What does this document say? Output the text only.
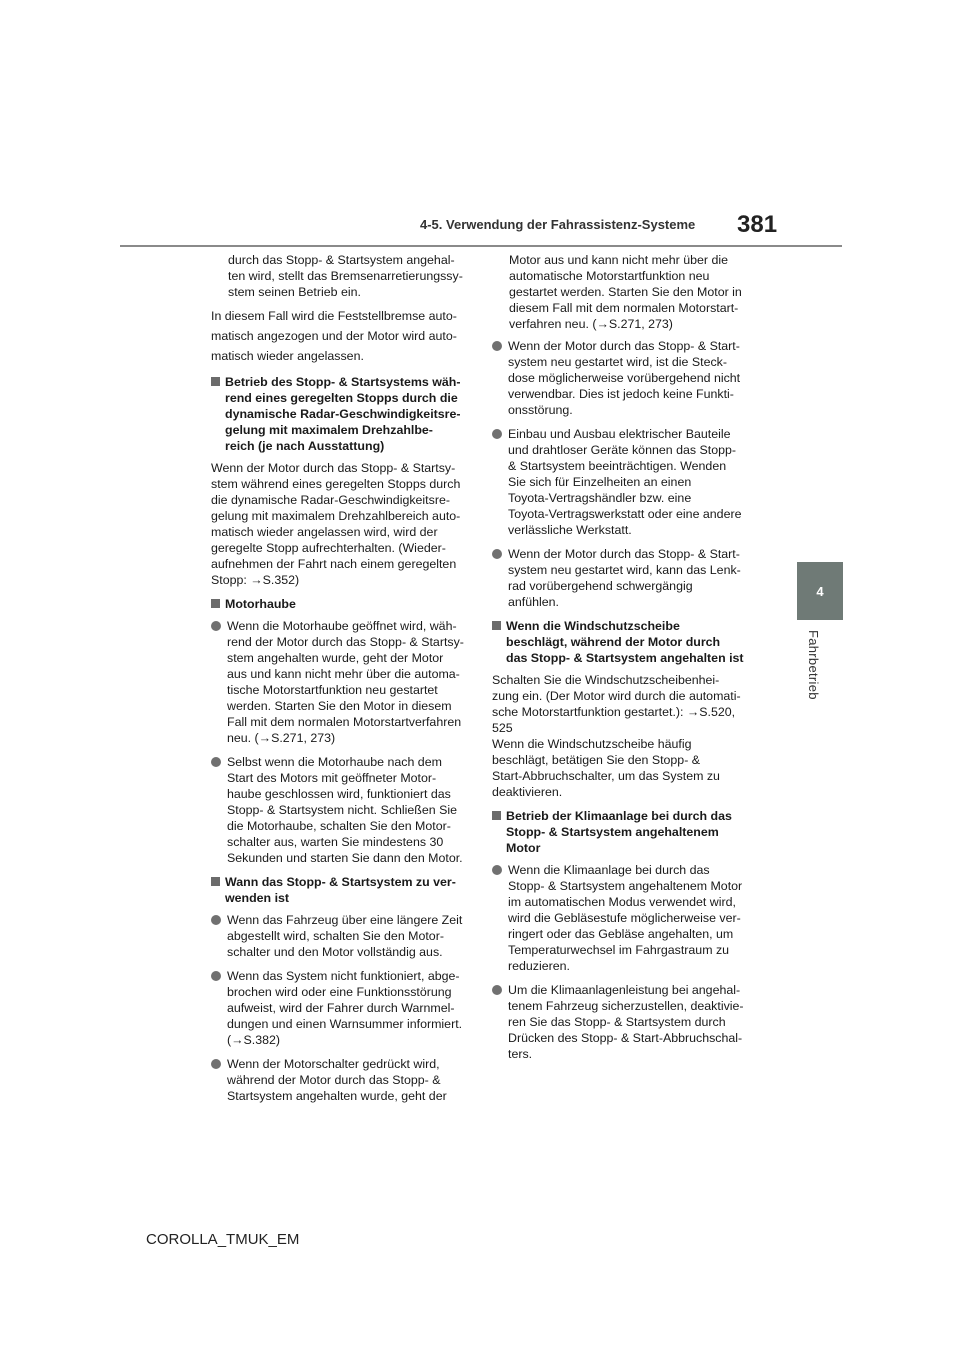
4-5. Verwendung der Fahrassistenz-Systeme 381
4
Fahrbetrieb

durch das Stopp- & Startsystem angehal-
ten wird, stellt das Bremsenarretierungssy-
stem seinen Betrieb ein.

In diesem Fall wird die Feststellbremse auto-
matisch angezogen und der Motor wird auto-
matisch wieder angelassen.

Betrieb des Stopp- & Startsystems wäh-
rend eines geregelten Stopps durch die
dynamische Radar-Geschwindigkeitsre-
gelung mit maximalem Drehzahlbe-
reich (je nach Ausstattung)

Wenn der Motor durch das Stopp- & Startsy-
stem während eines geregelten Stopps durch
die dynamische Radar-Geschwindigkeitsre-
gelung mit maximalem Drehzahlbereich auto-
matisch wieder angelassen wird, wird der
geregelte Stopp aufrechterhalten. (Wieder-
aufnehmen der Fahrt nach einem geregelten
Stopp: →S.352)

Motorhaube
Wenn die Motorhaube geöffnet wird, wäh-
rend der Motor durch das Stopp- & Startsy-
stem angehalten wurde, geht der Motor
aus und kann nicht mehr über die automa-
tische Motorstartfunktion neu gestartet
werden. Starten Sie den Motor in diesem
Fall mit dem normalen Motorstartverfahren
neu. (→S.271, 273)
Selbst wenn die Motorhaube nach dem
Start des Motors mit geöffneter Motor-
haube geschlossen wird, funktioniert das
Stopp- & Startsystem nicht. Schließen Sie
die Motorhaube, schalten Sie den Motor-
schalter aus, warten Sie mindestens 30
Sekunden und starten Sie dann den Motor.
Wann das Stopp- & Startsystem zu ver-
wenden ist
Wenn das Fahrzeug über eine längere Zeit
abgestellt wird, schalten Sie den Motor-
schalter und den Motor vollständig aus.
Wenn das System nicht funktioniert, abge-
brochen wird oder eine Funktionsstörung
aufweist, wird der Fahrer durch Warnmel-
dungen und einen Warnsummer informiert.
(→S.382)
Wenn der Motorschalter gedrückt wird,
während der Motor durch das Stopp- &
Startsystem angehalten wurde, geht der

Motor aus und kann nicht mehr über die
automatische Motorstartfunktion neu
gestartet werden. Starten Sie den Motor in
diesem Fall mit dem normalen Motorstart-
verfahren neu. (→S.271, 273)

Wenn der Motor durch das Stopp- & Start-
system neu gestartet wird, ist die Steck-
dose möglicherweise vorübergehend nicht
verwendbar. Dies ist jedoch keine Funkti-
onsstörung.
Einbau und Ausbau elektrischer Bauteile
und drahtloser Geräte können das Stopp-
& Startsystem beeinträchtigen. Wenden
Sie sich für Einzelheiten an einen
Toyota-Vertragshändler bzw. eine
Toyota-Vertragswerkstatt oder eine andere
verlässliche Werkstatt.
Wenn der Motor durch das Stopp- & Start-
system neu gestartet wird, kann das Lenk-
rad vorübergehend schwergängig
anfühlen.
Wenn die Windschutzscheibe
beschlägt, während der Motor durch
das Stopp- & Startsystem angehalten ist

Schalten Sie die Windschutzscheibenhei-
zung ein. (Der Motor wird durch die automati-
sche Motorstartfunktion gestartet.): →S.520,
525
Wenn die Windschutzscheibe häufig
beschlägt, betätigen Sie den Stopp- &
Start-Abbruchschalter, um das System zu
deaktivieren.

Betrieb der Klimaanlage bei durch das
Stopp- & Startsystem angehaltenem
Motor
Wenn die Klimaanlage bei durch das
Stopp- & Startsystem angehaltenem Motor
im automatischen Modus verwendet wird,
wird die Gebläsestufe möglicherweise ver-
ringert oder das Gebläse angehalten, um
Temperaturwechsel im Fahrgastraum zu
reduzieren.
Um die Klimaanlagenleistung bei angehal-
tenem Fahrzeug sicherzustellen, deaktivie-
ren Sie das Stopp- & Startsystem durch
Drücken des Stopp- & Start-Abbruchschal-
ters.
COROLLA_TMUK_EM
